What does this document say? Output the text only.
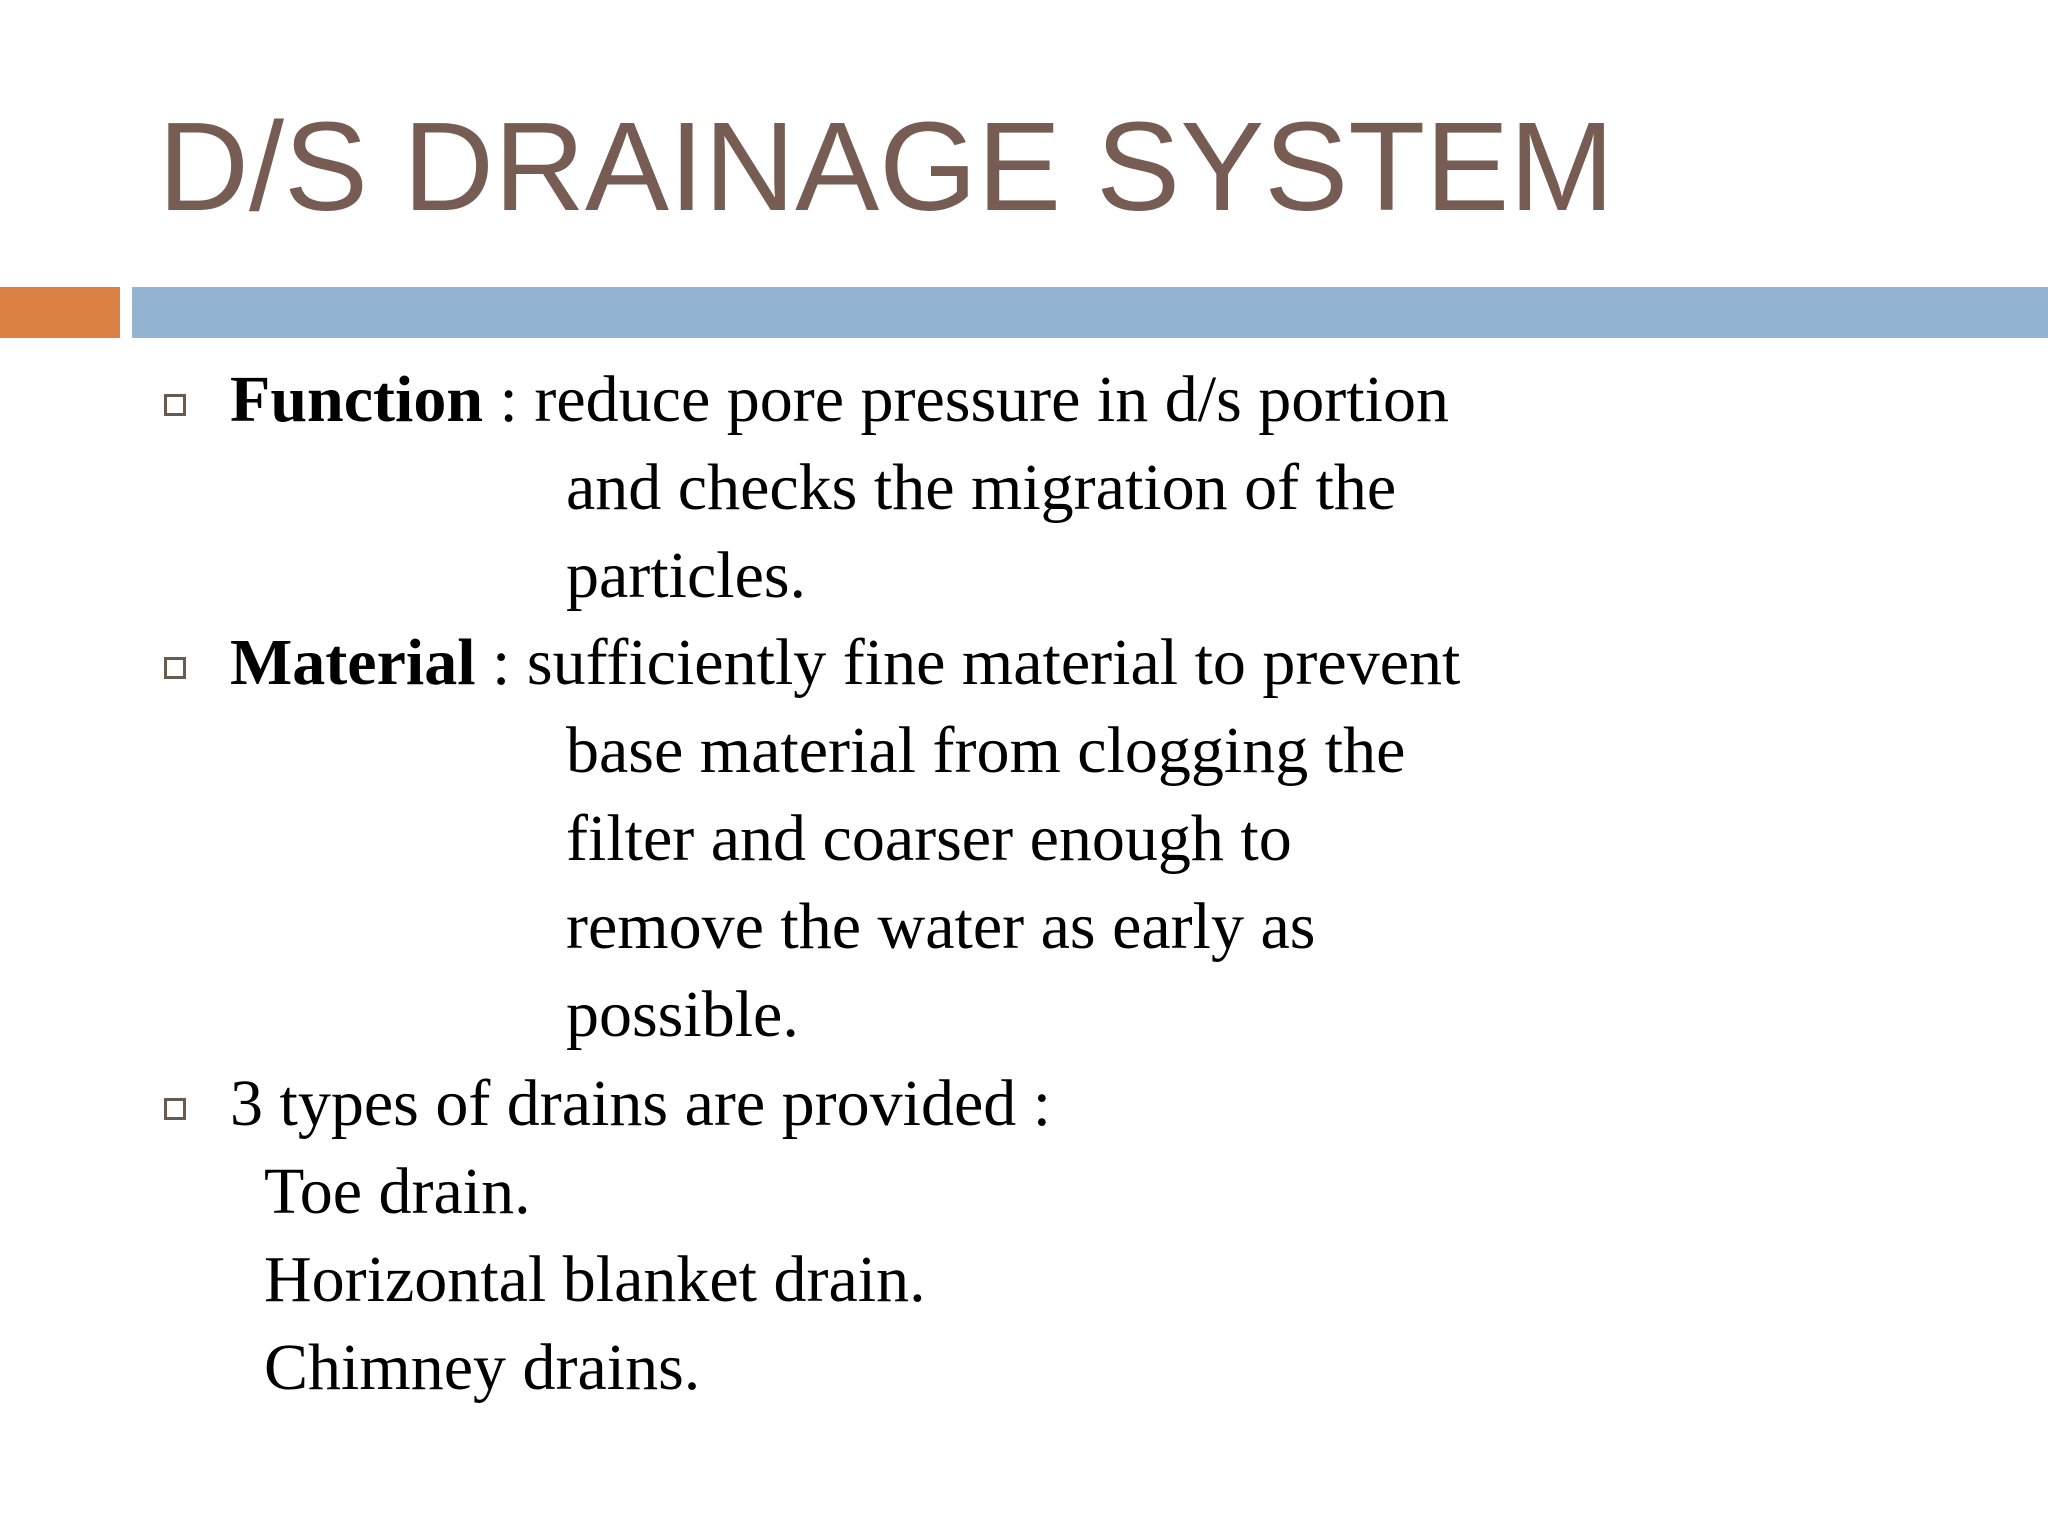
D/S DRAINAGE SYSTEM
Function : reduce pore pressure in d/s portion
and checks the migration of the
particles.
Material : sufficiently fine material to prevent
base material from clogging the
filter and coarser enough to
remove the water as early as
possible.
3 types of drains are provided :
Toe drain.
Horizontal blanket drain.
Chimney drains.
